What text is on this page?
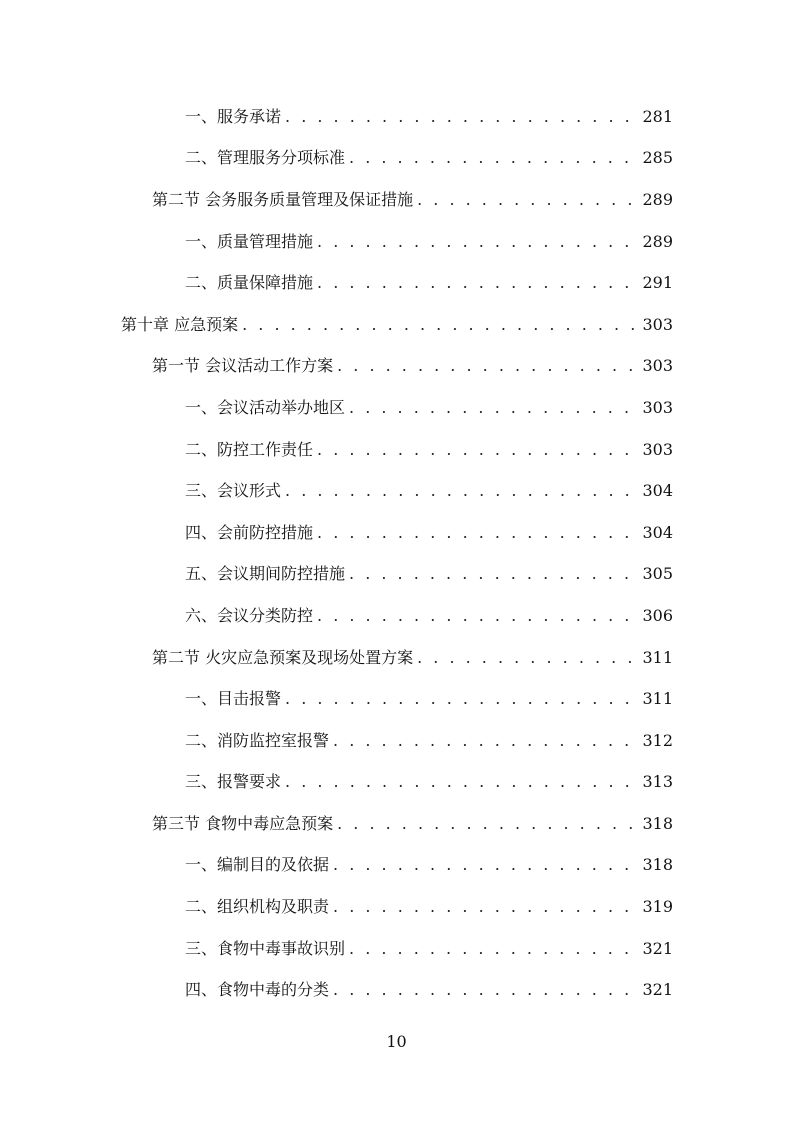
一、服务承诺 . . .	281
二、管理服务分项标准 . . .	285
第二节 会务服务质量管理及保证措施 . . .	289
一、质量管理措施 . . .	289
二、质量保障措施 . . .	291
第十章 应急预案 . . .	303
第一节 会议活动工作方案 . . .	303
一、会议活动举办地区 . . .	303
二、防控工作责任 . . .	303
三、会议形式 . . .	304
四、会前防控措施 . . .	304
五、会议期间防控措施 . . .	305
六、会议分类防控 . . .	306
第二节 火灾应急预案及现场处置方案 . . .	311
一、目击报警 . . .	311
二、消防监控室报警 . . .	312
三、报警要求 . . .	313
第三节 食物中毒应急预案 . . .	318
一、编制目的及依据 . . .	318
二、组织机构及职责 . . .	319
三、食物中毒事故识别 . . .	321
四、食物中毒的分类 . . .	321
10
